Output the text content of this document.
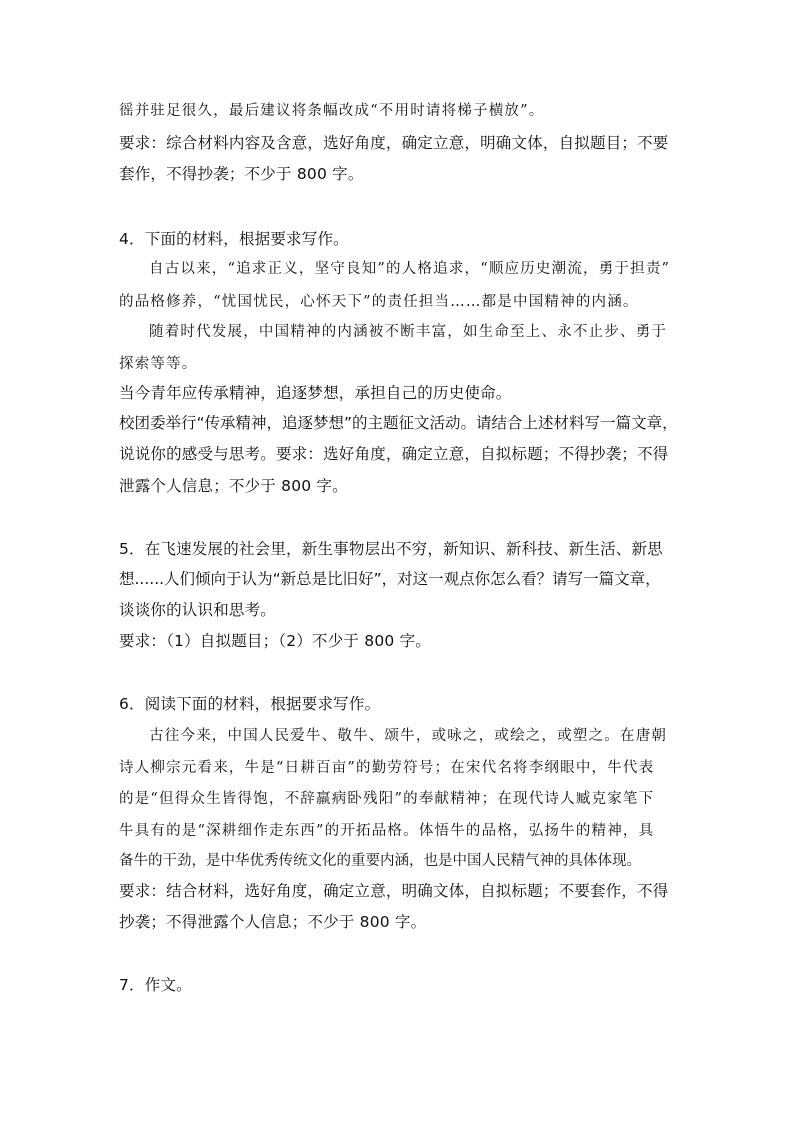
徭并驻足很久，最后建议将条幅改成“不用时请将梯子横放”。
要求：综合材料内容及含意，选好角度，确定立意，明确文体，自拟题目；不要
套作，不得抄袭；不少于 800 字。
4．下面的材料，根据要求写作。
自古以来，“追求正义，坚守良知”的人格追求，“顺应历史潮流，勇于担责”
的品格修养，“忧国忧民，心怀天下”的责任担当……都是中国精神的内涵。
随着时代发展，中国精神的内涵被不断丰富，如生命至上、永不止步、勇于
探索等等。
当今青年应传承精神，追逐梦想，承担自己的历史使命。
校团委举行“传承精神，追逐梦想”的主题征文活动。请结合上述材料写一篇文章，
说说你的感受与思考。要求：选好角度，确定立意，自拟标题；不得抄袭；不得
泄露个人信息；不少于 800 字。
5．在飞速发展的社会里，新生事物层出不穷，新知识、新科技、新生活、新思
想......人们倾向于认为“新总是比旧好”，对这一观点你怎么看？请写一篇文章，
谈谈你的认识和思考。
要求：（1）自拟题目；（2）不少于 800 字。
6．阅读下面的材料，根据要求写作。
古往今来，中国人民爱牛、敬牛、颂牛，或咏之，或绘之，或塑之。在唐朝
诗人柳宗元看来，牛是“日耕百亩”的勤劳符号；在宋代名将李纲眼中，牛代表
的是“但得众生皆得饱，不辞羸病卧残阳”的奉献精神；在现代诗人臧克家笔下
牛具有的是“深耕细作走东西”的开拓品格。体悟牛的品格，弘扬牛的精神，具
备牛的干劲，是中华优秀传统文化的重要内涵，也是中国人民精气神的具体体现。
要求：结合材料，选好角度，确定立意，明确文体，自拟标题；不要套作，不得
抄袭；不得泄露个人信息；不少于 800 字。
7．作文。
